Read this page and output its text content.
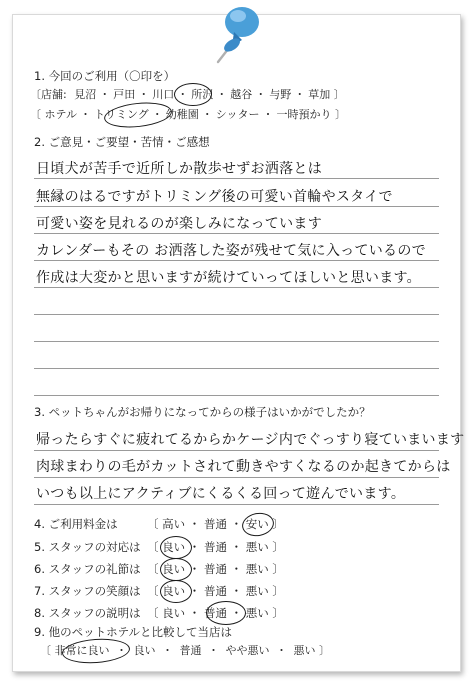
1. 今回のご利用（〇印を）
〔店舗: 見沼 ・ 戸田 ・ 川口 ・ 所沢 ・ 越谷 ・ 与野 ・ 草加 〕
〔 ホテル ・ トリミング ・ 幼稚園 ・ シッター ・ 一時預かり 〕
2. ご意見・ご要望・苦情・ご感想
日頃犬が苦手で近所しか散歩せずお洒落とは
無縁のはるですがトリミング後の可愛い首輪やスタイで
可愛い姿を見れるのが楽しみになっています
カレンダーもその お洒落した姿が残せて気に入っているので
作成は大変かと思いますが続けていってほしいと思います。
3. ペットちゃんがお帰りになってからの様子はいかがでしたか？
帰ったらすぐに疲れてるからかケージ内でぐっすり寝ていまいます
肉球まわりの毛がカットされて動きやすくなるのか起きてからは
いつも以上にアクティブにくるくる回って遊んでいます。
4. ご利用料金は	〔 高い ・ 普通 ・ 安い 〕
5. スタッフの対応は 〔 良い ・ 普通 ・ 悪い 〕
6. スタッフの礼節は 〔 良い ・ 普通 ・ 悪い 〕
7. スタッフの笑顔は 〔 良い ・ 普通 ・ 悪い 〕
8. スタッフの説明は 〔 良い ・ 普通 ・ 悪い 〕
9. 他のペットホテルと比較して当店は
〔 非常に良い ・ 良い ・ 普通 ・ やや悪い ・ 悪い 〕
